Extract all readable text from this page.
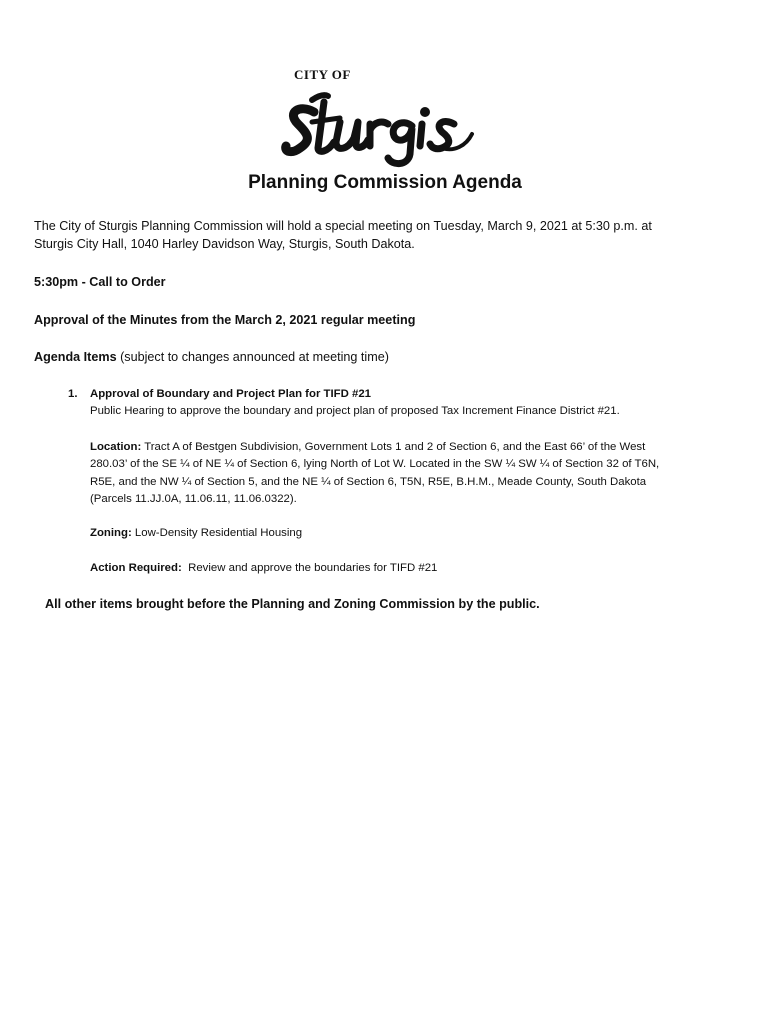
CITY OF
Sturgis
Planning Commission Agenda
The City of Sturgis Planning Commission will hold a special meeting on Tuesday, March 9, 2021 at 5:30 p.m. at
Sturgis City Hall, 1040 Harley Davidson Way, Sturgis, South Dakota.
5:30pm - Call to Order
Approval of the Minutes from the March 2, 2021 regular meeting
Agenda Items (subject to changes announced at meeting time)
1. Approval of Boundary and Project Plan for TIFD #21
Public Hearing to approve the boundary and project plan of proposed Tax Increment Finance District #21.
Location: Tract A of Bestgen Subdivision, Government Lots 1 and 2 of Section 6, and the East 66’ of the West
280.03’ of the SE ¼ of NE ¼ of Section 6, lying North of Lot W. Located in the SW ¼ SW ¼ of Section 32 of T6N,
R5E, and the NW ¼ of Section 5, and the NE ¼ of Section 6, T5N, R5E, B.H.M., Meade County, South Dakota
(Parcels 11.JJ.0A, 11.06.11, 11.06.0322).
Zoning: Low-Density Residential Housing
Action Required:  Review and approve the boundaries for TIFD #21
All other items brought before the Planning and Zoning Commission by the public.
